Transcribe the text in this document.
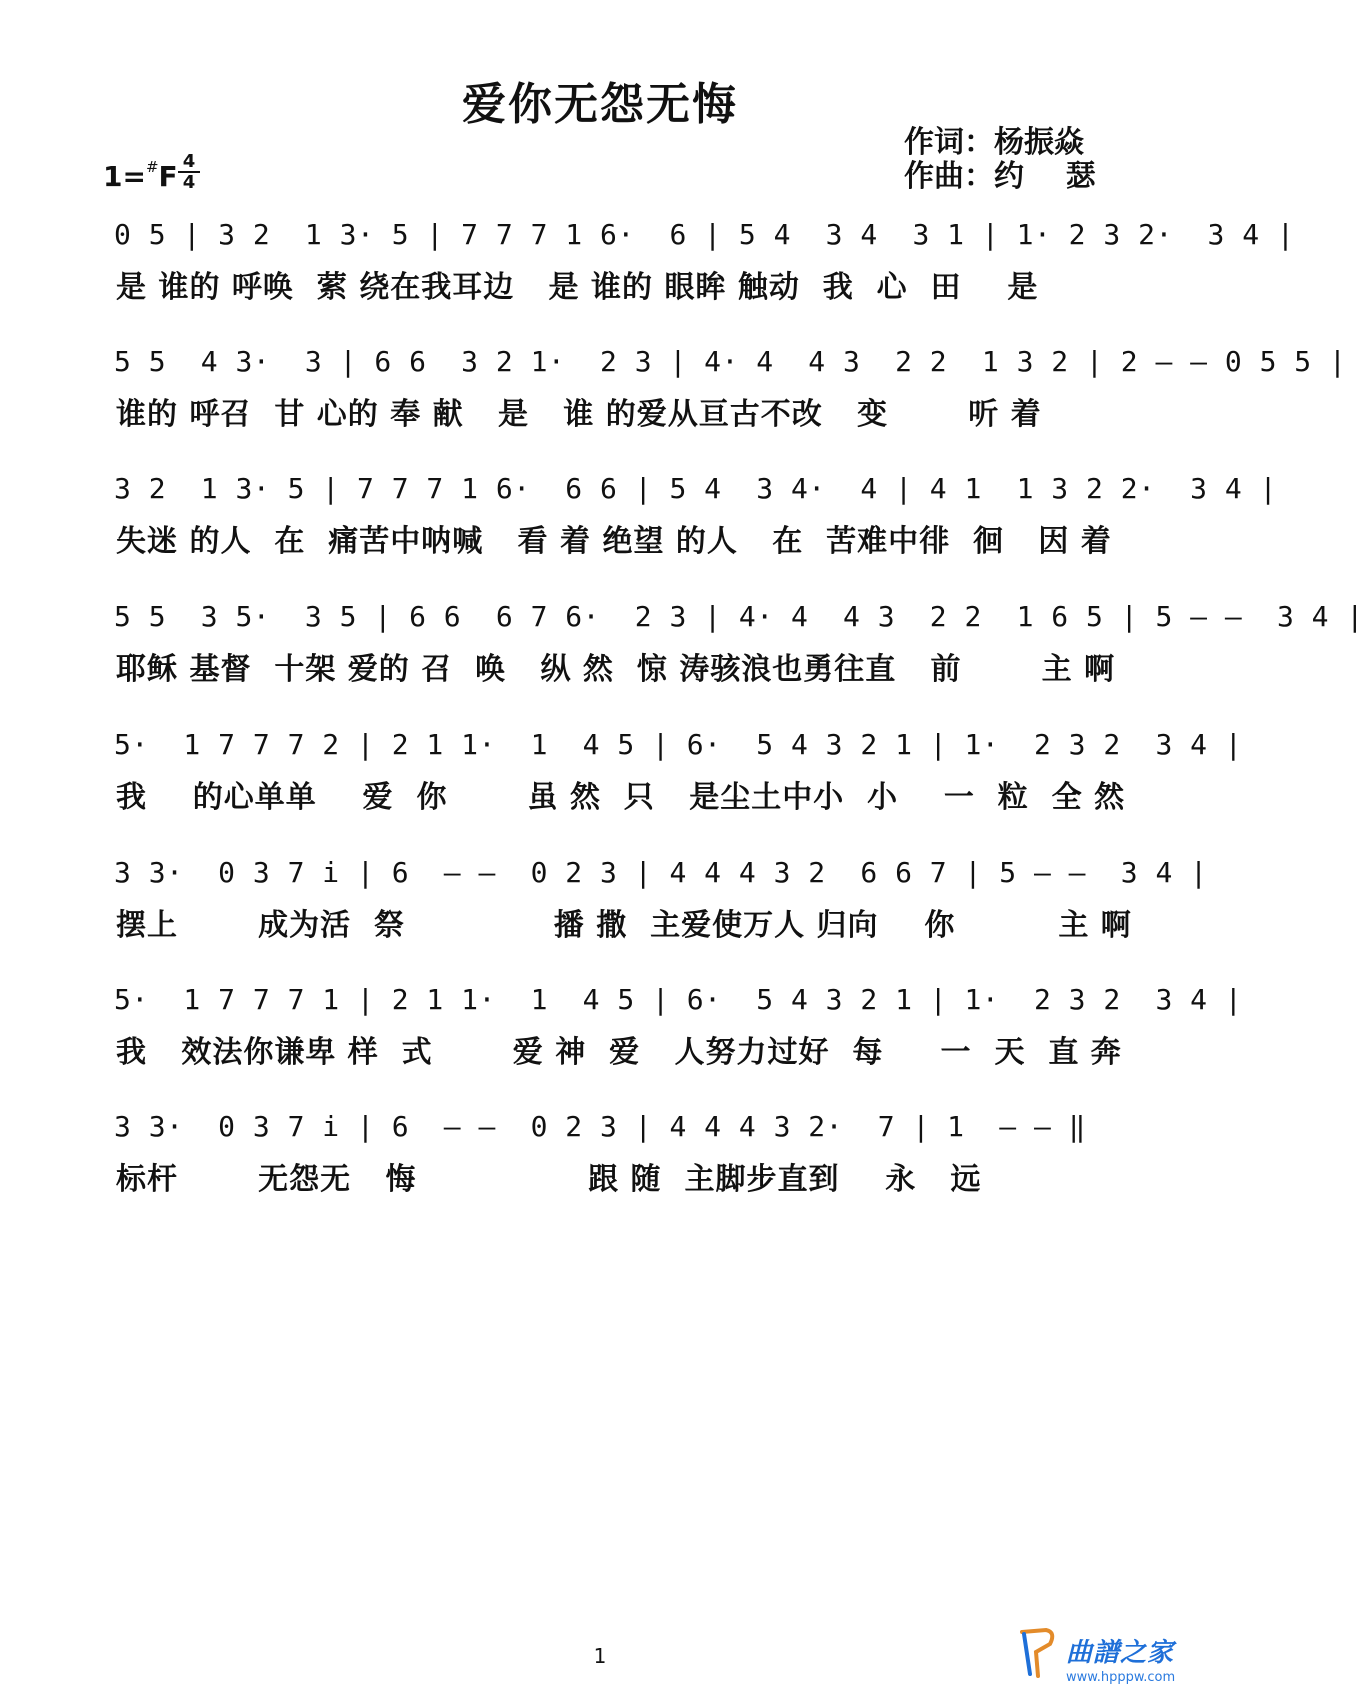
爱你无怨无悔
作词：杨振焱
作曲：约    瑟
$1=^{\#}F \frac{4}{4}$
0 5 | 3 2  1 3· 5 | 7 7 7 1 6·  6 | 5 4  3 4  3 1 | 1· 2 3 2·  3 4 |
是 谁的 呼唤  萦 绕在我耳边   是 谁的 眼眸 触动  我  心  田    是
5 5  4 3·  3 | 6 6  3 2 1·  2 3 | 4· 4  4 3  2 2  1 3 2 | 2 – – 0 5 5 |
谁的 呼召  甘 心的 奉 献   是   谁 的爱从亘古不改   变       听 着
3 2  1 3· 5 | 7 7 7 1 6·  6 6 | 5 4  3 4·  4 | 4 1  1 3 2 2·  3 4 |
失迷 的人  在  痛苦中呐喊   看 着 绝望 的人   在  苦难中徘  徊   因 着
5 5  3 5·  3 5 | 6 6  6 7 6·  2 3 | 4· 4  4 3  2 2  1 6 5 | 5 – –  3 4 |
耶稣 基督  十架 爱的 召  唤   纵 然  惊 涛骇浪也勇往直   前       主 啊
5·  1 7 7 7 2 | 2 1 1·  1  4 5 | 6·  5 4 3 2 1 | 1·  2 3 2  3 4 |
我    的心单单    爱  你       虽 然  只   是尘土中小  小    一  粒  全 然
3 3·  0 3 7 i | 6  – –  0 2 3 | 4 4 4 3 2  6 6 7 | 5 – –  3 4 |
摆上       成为活  祭             播 撒  主爱使万人 归向    你         主 啊
5·  1 7 7 7 1 | 2 1 1·  1  4 5 | 6·  5 4 3 2 1 | 1·  2 3 2  3 4 |
我   效法你谦卑 样  式       爱 神  爱   人努力过好  每     一  天  直 奔
3 3·  0 3 7 i | 6  – –  0 2 3 | 4 4 4 3 2·  7 | 1  – – ‖
标杆       无怨无   悔               跟 随  主脚步直到    永   远
1	曲譜之家
www.hpppw.com
